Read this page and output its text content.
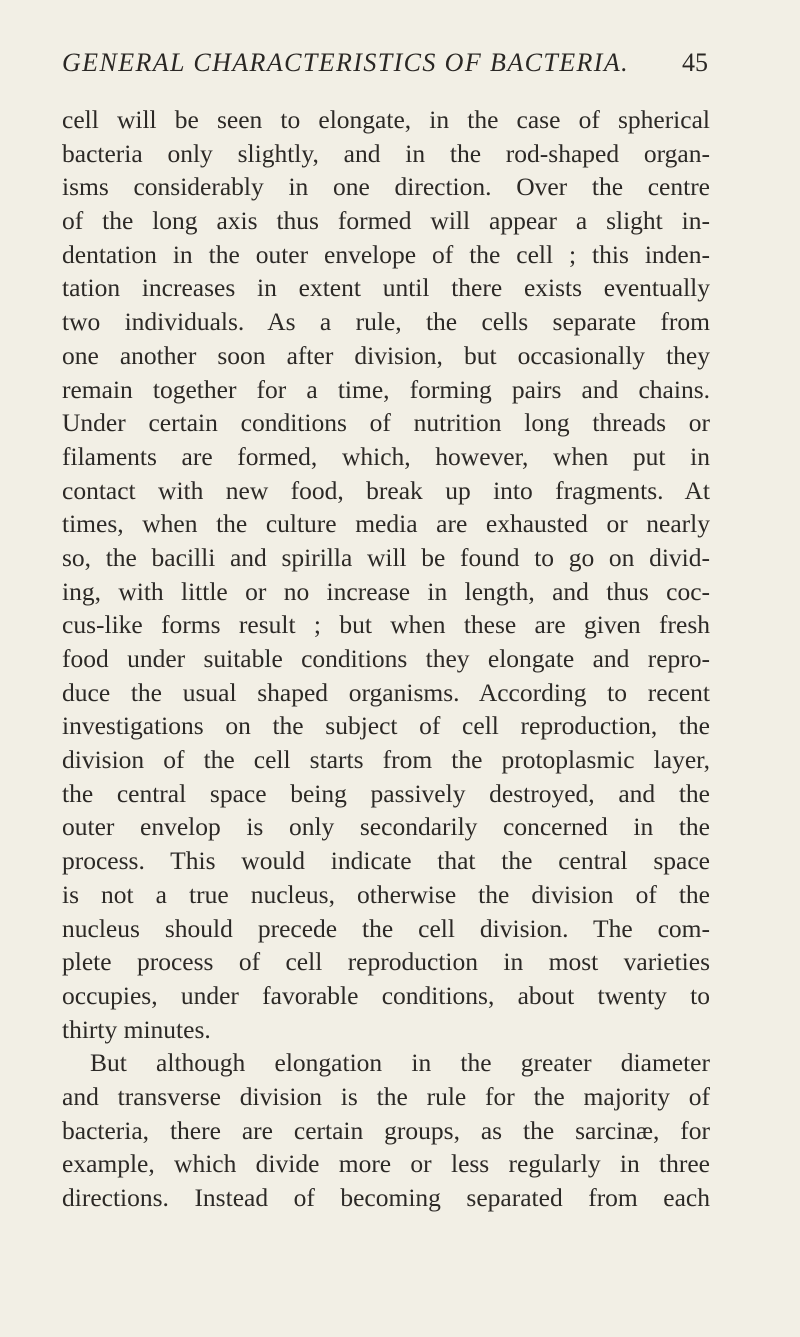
GENERAL CHARACTERISTICS OF BACTERIA. 45
cell will be seen to elongate, in the case of spherical
bacteria only slightly, and in the rod-shaped organ-
isms considerably in one direction. Over the centre
of the long axis thus formed will appear a slight in-
dentation in the outer envelope of the cell ; this inden-
tation increases in extent until there exists eventually
two individuals. As a rule, the cells separate from
one another soon after division, but occasionally they
remain together for a time, forming pairs and chains.
Under certain conditions of nutrition long threads or
filaments are formed, which, however, when put in
contact with new food, break up into fragments. At
times, when the culture media are exhausted or nearly
so, the bacilli and spirilla will be found to go on divid-
ing, with little or no increase in length, and thus coc-
cus-like forms result ; but when these are given fresh
food under suitable conditions they elongate and repro-
duce the usual shaped organisms. According to recent
investigations on the subject of cell reproduction, the
division of the cell starts from the protoplasmic layer,
the central space being passively destroyed, and the
outer envelop is only secondarily concerned in the
process. This would indicate that the central space
is not a true nucleus, otherwise the division of the
nucleus should precede the cell division. The com-
plete process of cell reproduction in most varieties
occupies, under favorable conditions, about twenty to
thirty minutes.
But although elongation in the greater diameter
and transverse division is the rule for the majority of
bacteria, there are certain groups, as the sarcinæ, for
example, which divide more or less regularly in three
directions. Instead of becoming separated from each
